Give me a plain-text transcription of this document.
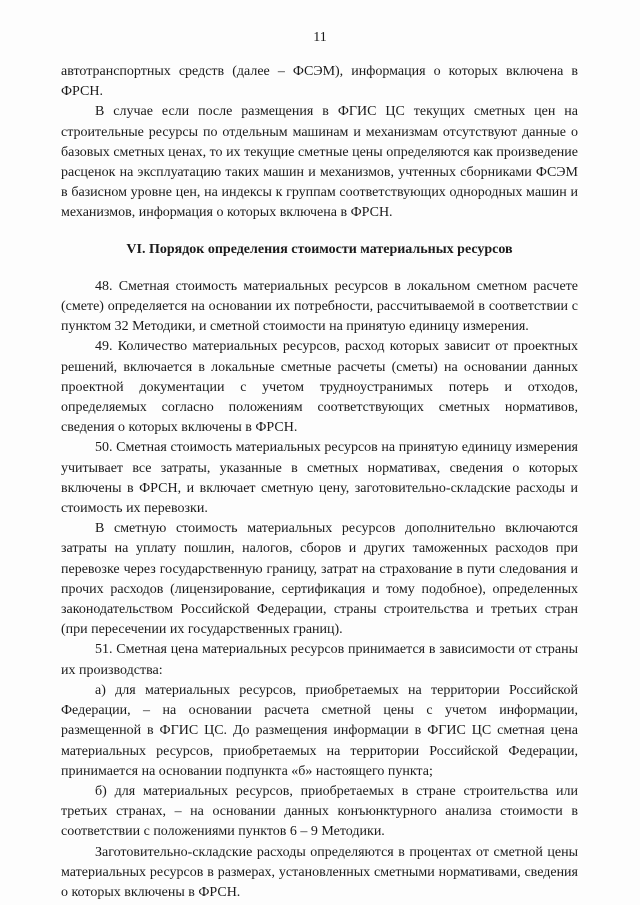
11

автотранспортных средств (далее – ФСЭМ), информация о которых включена в ФРСН.

В случае если после размещения в ФГИС ЦС текущих сметных цен на строительные ресурсы по отдельным машинам и механизмам отсутствуют данные о базовых сметных ценах, то их текущие сметные цены определяются как произведение расценок на эксплуатацию таких машин и механизмов, учтенных сборниками ФСЭМ в базисном уровне цен, на индексы к группам соответствующих однородных машин и механизмов, информация о которых включена в ФРСН.

VI. Порядок определения стоимости материальных ресурсов

48. Сметная стоимость материальных ресурсов в локальном сметном расчете (смете) определяется на основании их потребности, рассчитываемой в соответствии с пунктом 32 Методики, и сметной стоимости на принятую единицу измерения.

49. Количество материальных ресурсов, расход которых зависит от проектных решений, включается в локальные сметные расчеты (сметы) на основании данных проектной документации с учетом трудноустранимых потерь и отходов, определяемых согласно положениям соответствующих сметных нормативов, сведения о которых включены в ФРСН.

50. Сметная стоимость материальных ресурсов на принятую единицу измерения учитывает все затраты, указанные в сметных нормативах, сведения о которых включены в ФРСН, и включает сметную цену, заготовительно-складские расходы и стоимость их перевозки.

В сметную стоимость материальных ресурсов дополнительно включаются затраты на уплату пошлин, налогов, сборов и других таможенных расходов при перевозке через государственную границу, затрат на страхование в пути следования и прочих расходов (лицензирование, сертификация и тому подобное), определенных законодательством Российской Федерации, страны строительства и третьих стран (при пересечении их государственных границ).

51. Сметная цена материальных ресурсов принимается в зависимости от страны их производства:

а) для материальных ресурсов, приобретаемых на территории Российской Федерации, – на основании расчета сметной цены с учетом информации, размещенной в ФГИС ЦС. До размещения информации в ФГИС ЦС сметная цена материальных ресурсов, приобретаемых на территории Российской Федерации, принимается на основании подпункта «б» настоящего пункта;

б) для материальных ресурсов, приобретаемых в стране строительства или третьих странах, – на основании данных конъюнктурного анализа стоимости в соответствии с положениями пунктов 6 – 9 Методики.

Заготовительно-складские расходы определяются в процентах от сметной цены материальных ресурсов в размерах, установленных сметными нормативами, сведения о которых включены в ФРСН.
